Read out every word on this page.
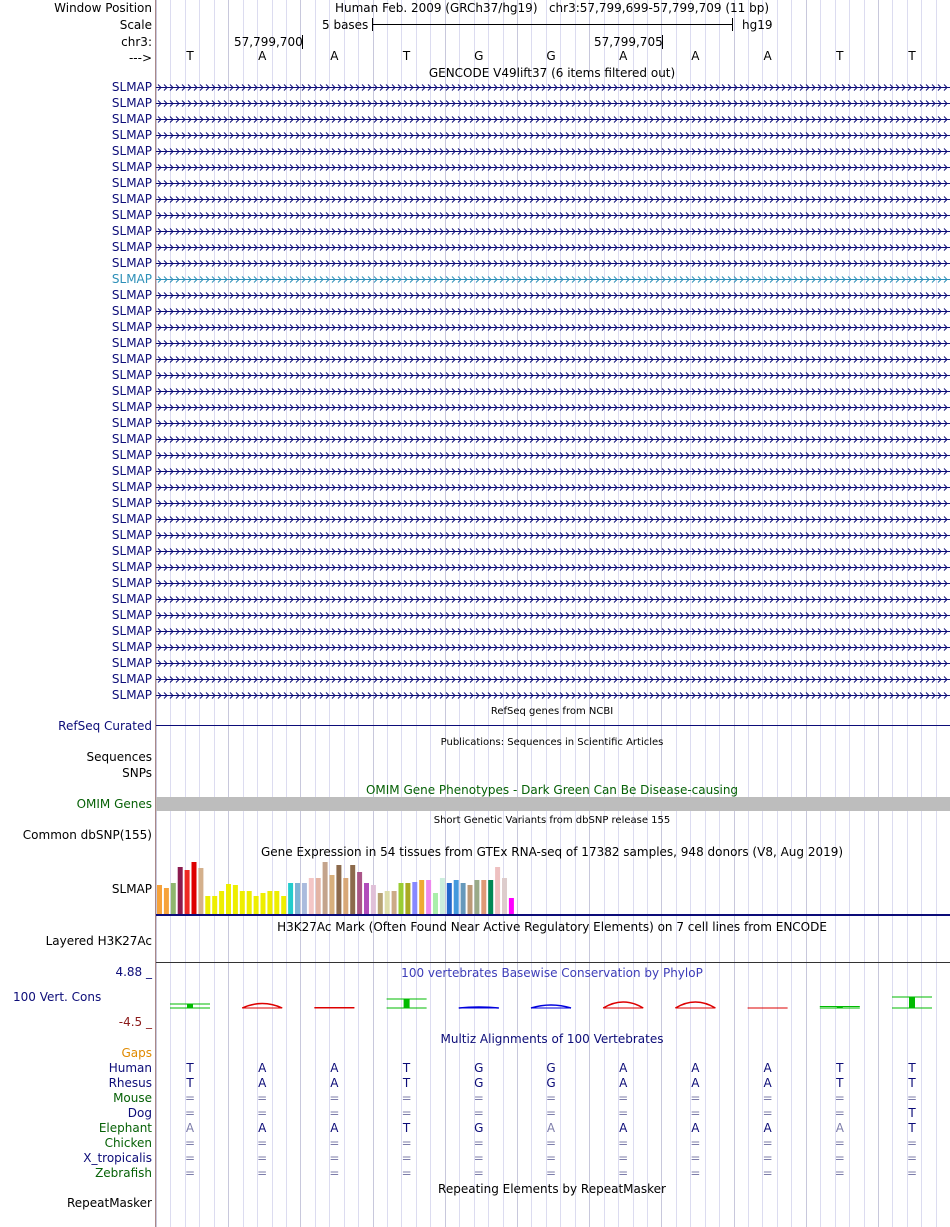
Window Position
Scale
chr3:
--->
SLMAP
SLMAP
SLMAP
SLMAP
SLMAP
SLMAP
SLMAP
SLMAP
SLMAP
SLMAP
SLMAP
SLMAP
SLMAP
SLMAP
SLMAP
SLMAP
SLMAP
SLMAP
SLMAP
SLMAP
SLMAP
SLMAP
SLMAP
SLMAP
SLMAP
SLMAP
SLMAP
SLMAP
SLMAP
SLMAP
SLMAP
SLMAP
SLMAP
SLMAP
SLMAP
SLMAP
SLMAP
SLMAP
SLMAP
RefSeq Curated
Sequences
SNPs
OMIM Genes
Common dbSNP(155)
SLMAP
Layered H3K27Ac
4.88 _
100 Vert. Cons
-4.5 _
Gaps
Human
Rhesus
Mouse
Dog
Elephant
Chicken
X_tropicalis
Zebrafish
RepeatMasker
Human Feb. 2009 (GRCh37/hg19) chr3:57,799,699-57,799,709 (11 bp)
5 bases	hg19
57,799,700	57,799,705
T	A	A	T	G	G	A	A	A	T	T
GENCODE V49lift37 (6 items filtered out)
RefSeq genes from NCBI
Publications: Sequences in Scientific Articles
OMIM Gene Phenotypes - Dark Green Can Be Disease-causing
Short Genetic Variants from dbSNP release 155
Gene Expression in 54 tissues from GTEx RNA-seq of 17382 samples, 948 donors (V8, Aug 2019)
H3K27Ac Mark (Often Found Near Active Regulatory Elements) on 7 cell lines from ENCODE
100 vertebrates Basewise Conservation by PhyloP
Multiz Alignments of 100 Vertebrates
T	A	A	T	G	G	A	A	A	T	T
T	A	A	T	G	G	A	A	A	T	T
=	=	=	=	=	=	=	=	=	=	=
=	=	=	=	=	=	=	=	=	=	T
A	A	A	T	G	A	A	A	A	A	T
=	=	=	=	=	=	=	=	=	=	=
=	=	=	=	=	=	=	=	=	=	=
=	=	=	=	=	=	=	=	=	=	=
Repeating Elements by RepeatMasker
